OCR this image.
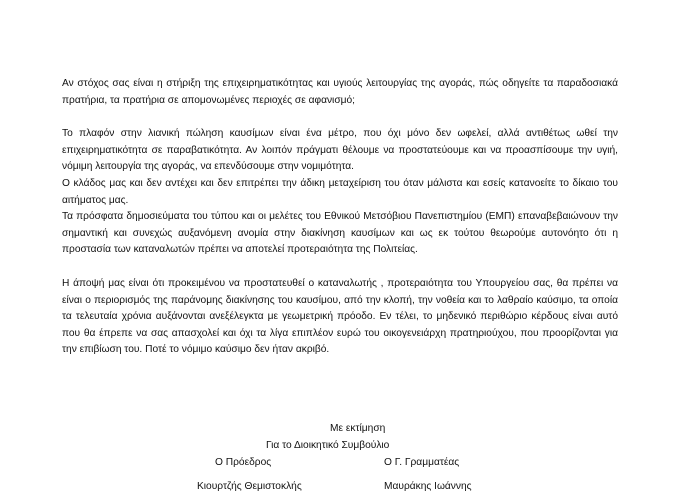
Αν στόχος σας είναι η στήριξη της επιχειρηματικότητας και υγιούς λειτουργίας της αγοράς, πώς οδηγείτε τα παραδοσιακά πρατήρια, τα πρατήρια σε απομονωμένες περιοχές σε αφανισμό;

Το πλαφόν στην λιανική πώληση καυσίμων είναι ένα μέτρο, που όχι μόνο δεν ωφελεί, αλλά αντιθέτως ωθεί την επιχειρηματικότητα σε παραβατικότητα. Αν λοιπόν πράγματι θέλουμε να προστατεύουμε και να προασπίσουμε την υγιή, νόμιμη λειτουργία της αγοράς, να επενδύσουμε στην νομιμότητα.

Ο κλάδος μας και δεν αντέχει και δεν επιτρέπει την άδικη μεταχείριση του όταν μάλιστα και εσείς κατανοείτε το δίκαιο του αιτήματος μας.

Τα πρόσφατα δημοσιεύματα του τύπου και οι μελέτες του Εθνικού Μετσόβιου Πανεπιστημίου (ΕΜΠ) επαναβεβαιώνουν την σημαντική και συνεχώς αυξανόμενη ανομία στην διακίνηση καυσίμων και ως εκ τούτου θεωρούμε αυτονόητο ότι η προστασία των καταναλωτών πρέπει να αποτελεί προτεραιότητα της Πολιτείας.

Η άποψή μας είναι ότι προκειμένου να προστατευθεί ο καταναλωτής , προτεραιότητα του Υπουργείου σας, θα πρέπει να είναι ο περιορισμός της παράνομης διακίνησης του καυσίμου, από την κλοπή, την νοθεία και το λαθραίο καύσιμο, τα οποία τα τελευταία χρόνια αυξάνονται ανεξέλεγκτα με γεωμετρική πρόοδο. Εν τέλει, το μηδενικό περιθώριο κέρδους είναι αυτό που θα έπρεπε να σας απασχολεί και όχι τα λίγα επιπλέον ευρώ του οικογενειάρχη πρατηριούχου, που προορίζονται για την επιβίωση του. Ποτέ το νόμιμο καύσιμο δεν ήταν ακριβό.

Με εκτίμηση
Για το Διοικητικό Συμβούλιο
Ο Πρόεδρος	Ο Γ. Γραμματέας
Κιουρτζής Θεμιστοκλής	Μαυράκης Ιωάννης
